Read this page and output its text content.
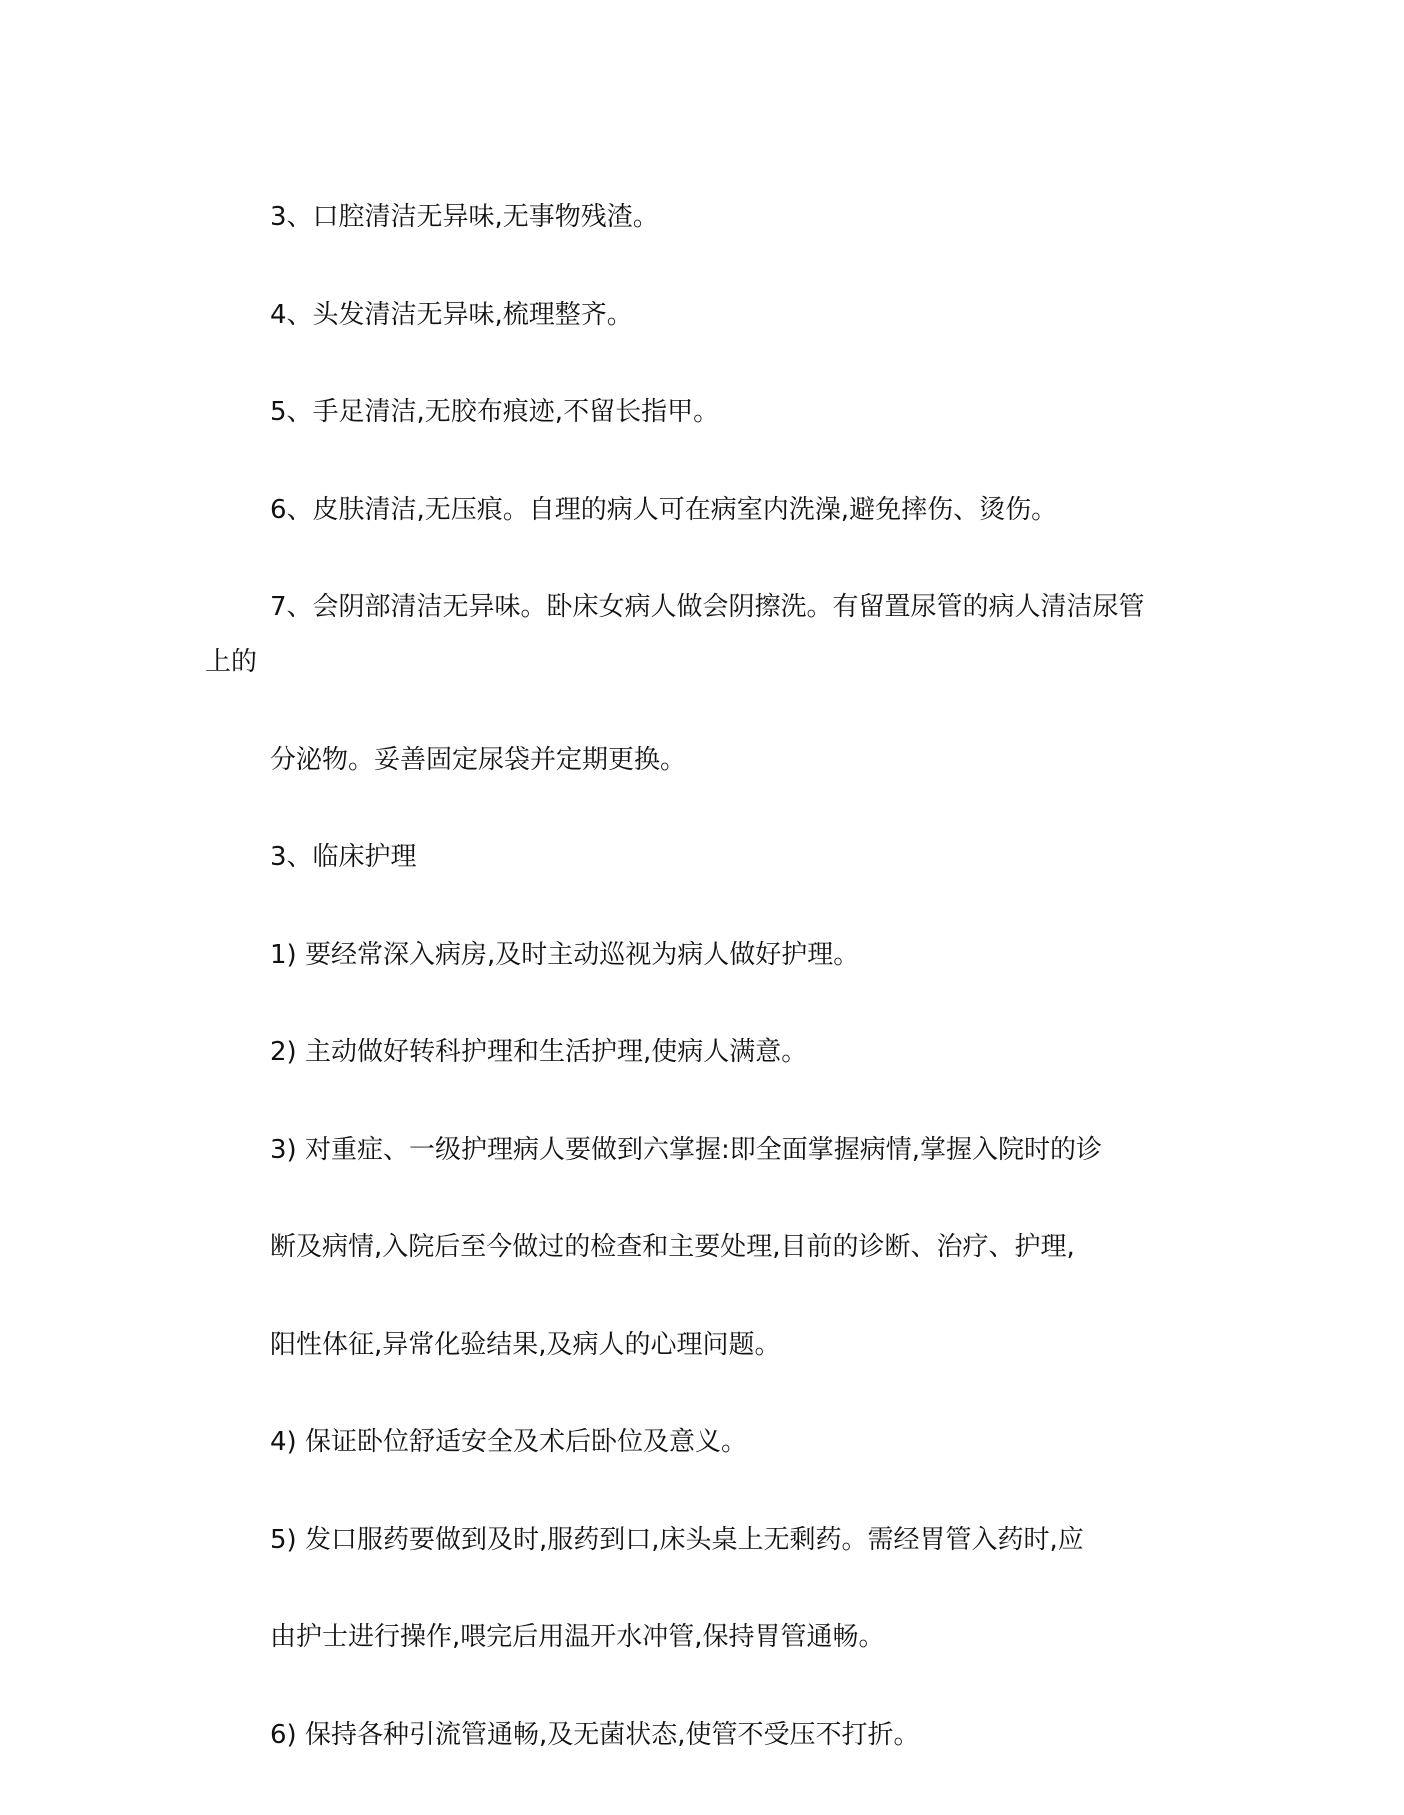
3、口腔清洁无异味,无事物残渣。

4、头发清洁无异味,梳理整齐。

5、手足清洁,无胶布痕迹,不留长指甲。

6、皮肤清洁,无压痕。自理的病人可在病室内洗澡,避免摔伤、烫伤。

7、会阴部清洁无异味。卧床女病人做会阴擦洗。有留置尿管的病人清洁尿管

上的

分泌物。妥善固定尿袋并定期更换。

3、临床护理

1) 要经常深入病房,及时主动巡视为病人做好护理。

2) 主动做好转科护理和生活护理,使病人满意。

3) 对重症、一级护理病人要做到六掌握:即全面掌握病情,掌握入院时的诊

断及病情,入院后至今做过的检查和主要处理,目前的诊断、治疗、护理,

阳性体征,异常化验结果,及病人的心理问题。

4) 保证卧位舒适安全及术后卧位及意义。

5) 发口服药要做到及时,服药到口,床头桌上无剩药。需经胃管入药时,应

由护士进行操作,喂完后用温开水冲管,保持胃管通畅。

6) 保持各种引流管通畅,及无菌状态,使管不受压不打折。
